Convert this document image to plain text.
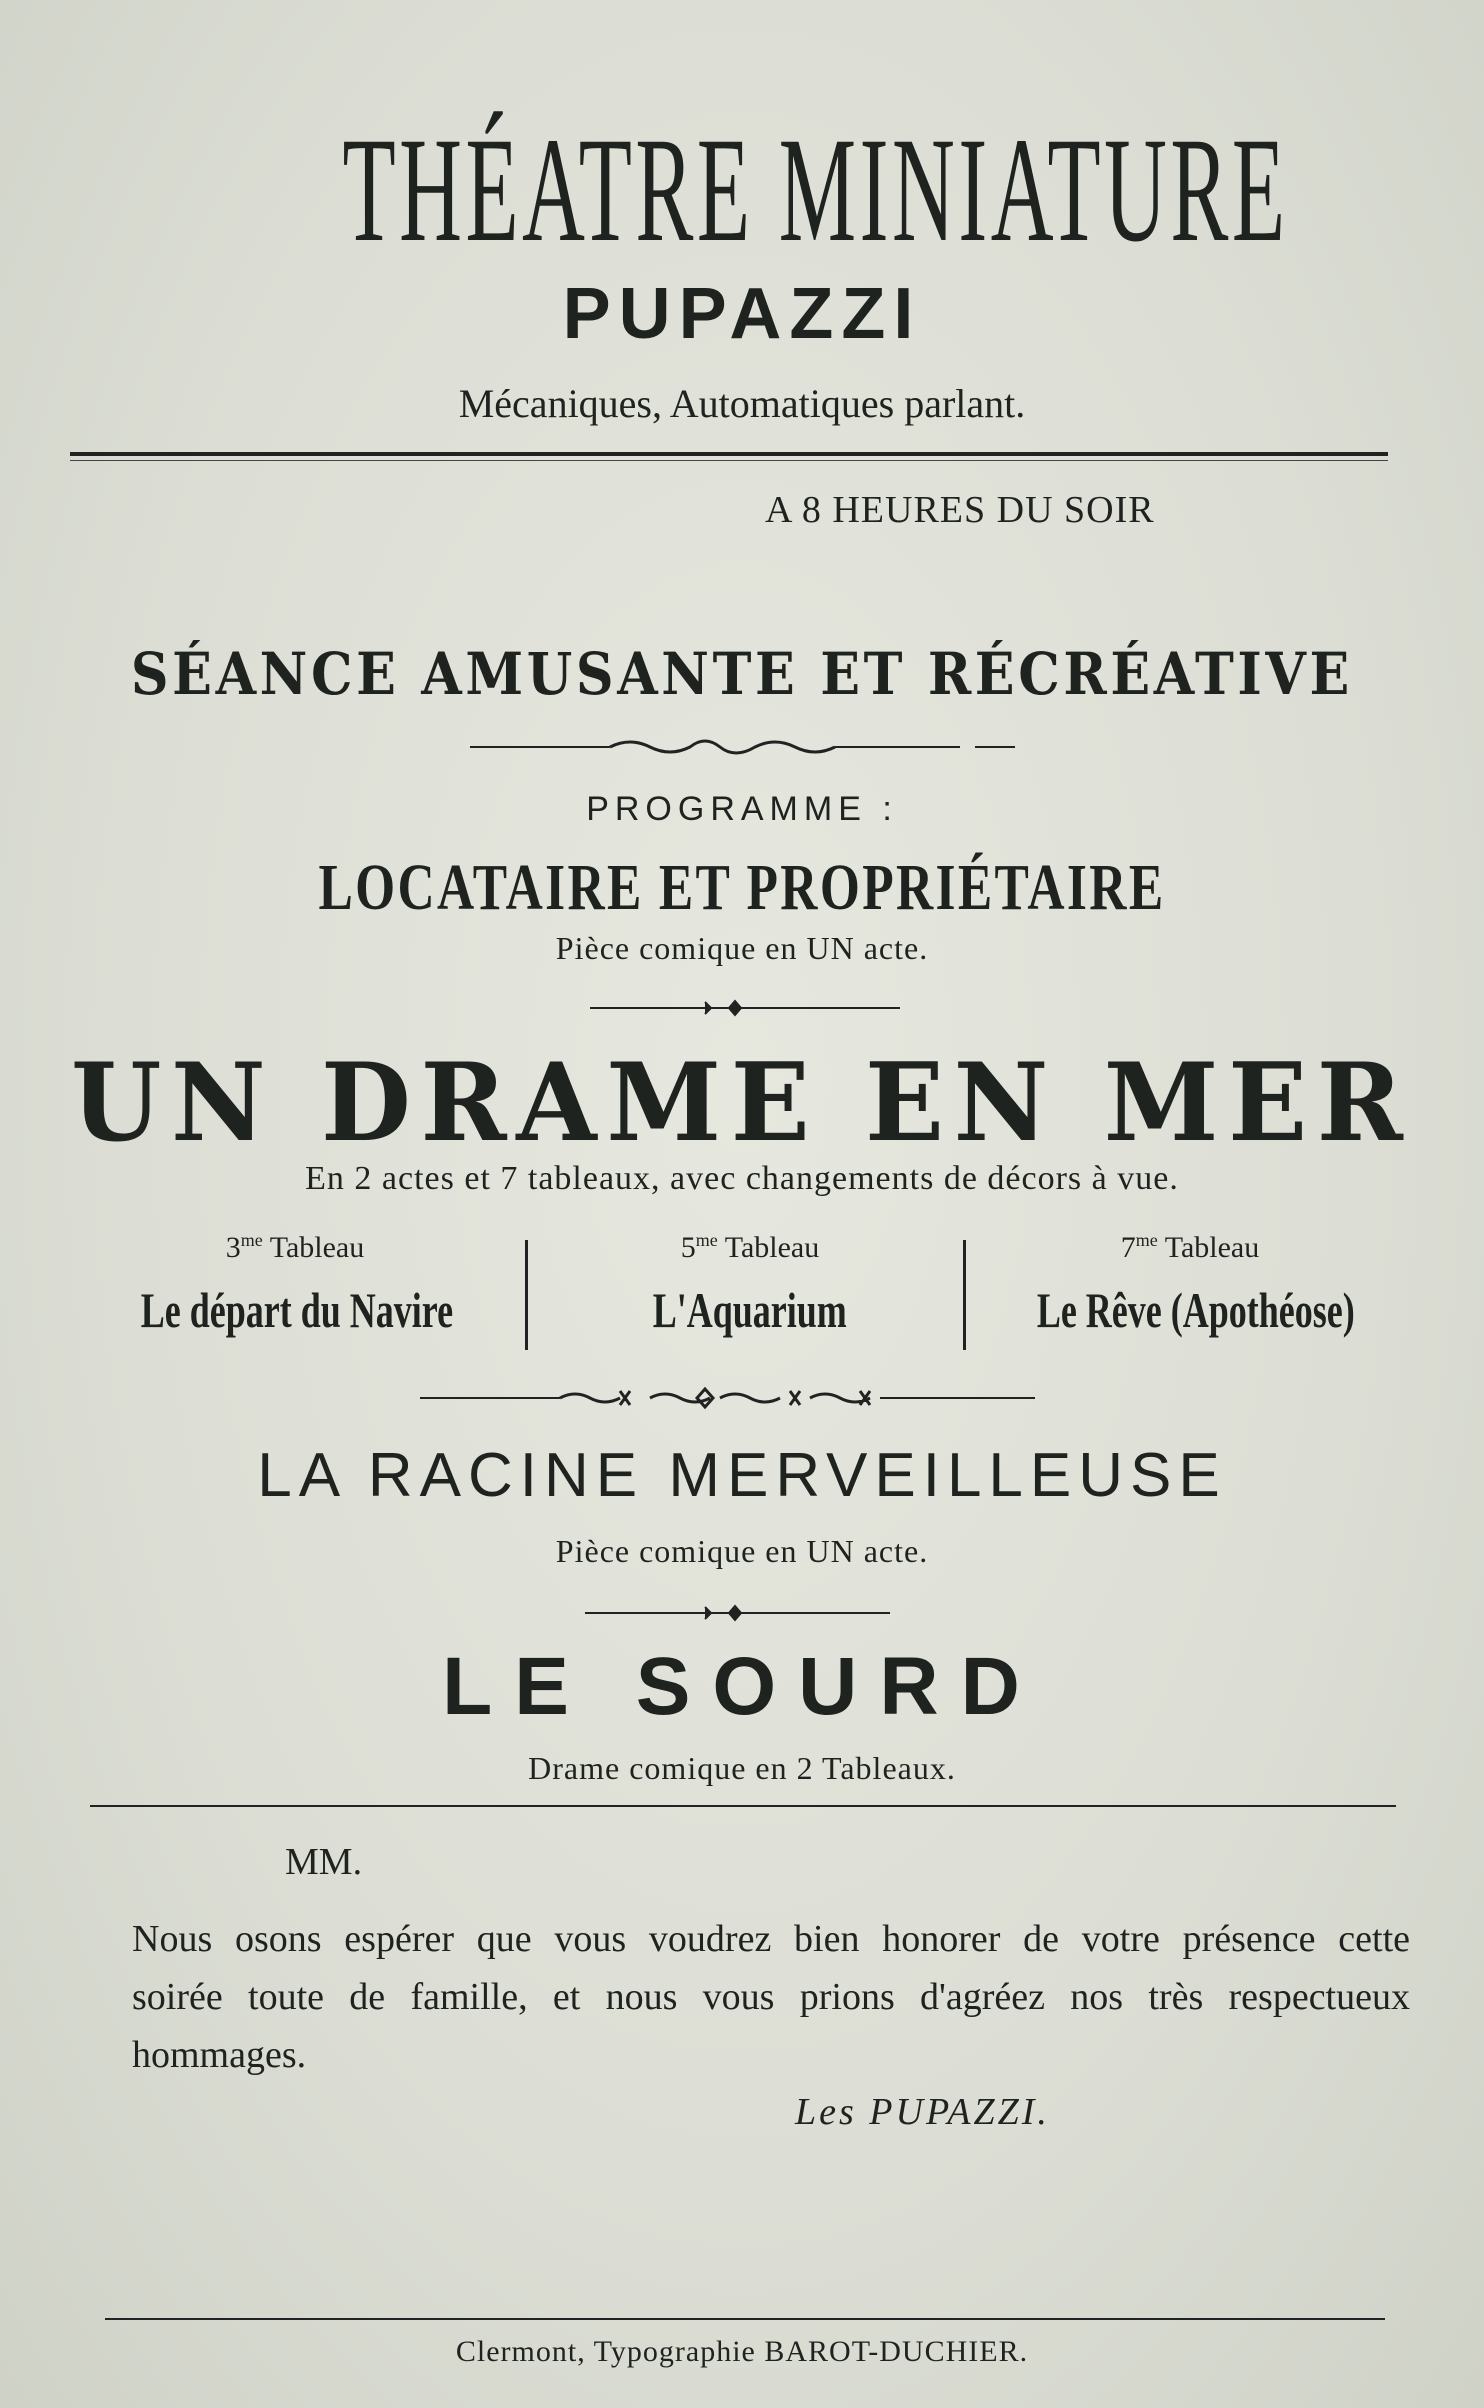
THÉATRE MINIATURE
PUPAZZI
Mécaniques, Automatiques parlant.
A 8 HEURES DU SOIR
SÉANCE AMUSANTE ET RÉCRÉATIVE
PROGRAMME :
LOCATAIRE ET PROPRIÉTAIRE
Pièce comique en UN acte.
UN DRAME EN MER
En 2 actes et 7 tableaux, avec changements de décors à vue.
$3^{me}$ Tableau
Le départ du Navire
$5^{me}$ Tableau
L'Aquarium
$7^{me}$ Tableau
Le Rêve (Apothéose)
LA RACINE MERVEILLEUSE
Pièce comique en UN acte.
LE SOURD
Drame comique en 2 Tableaux.
MM.
Nous osons espérer que vous voudrez bien honorer de votre présence cette soirée toute de famille, et nous vous prions d'agréez nos très respectueux hommages.
Les PUPAZZI.
Clermont, Typographie BAROT-DUCHIER.
